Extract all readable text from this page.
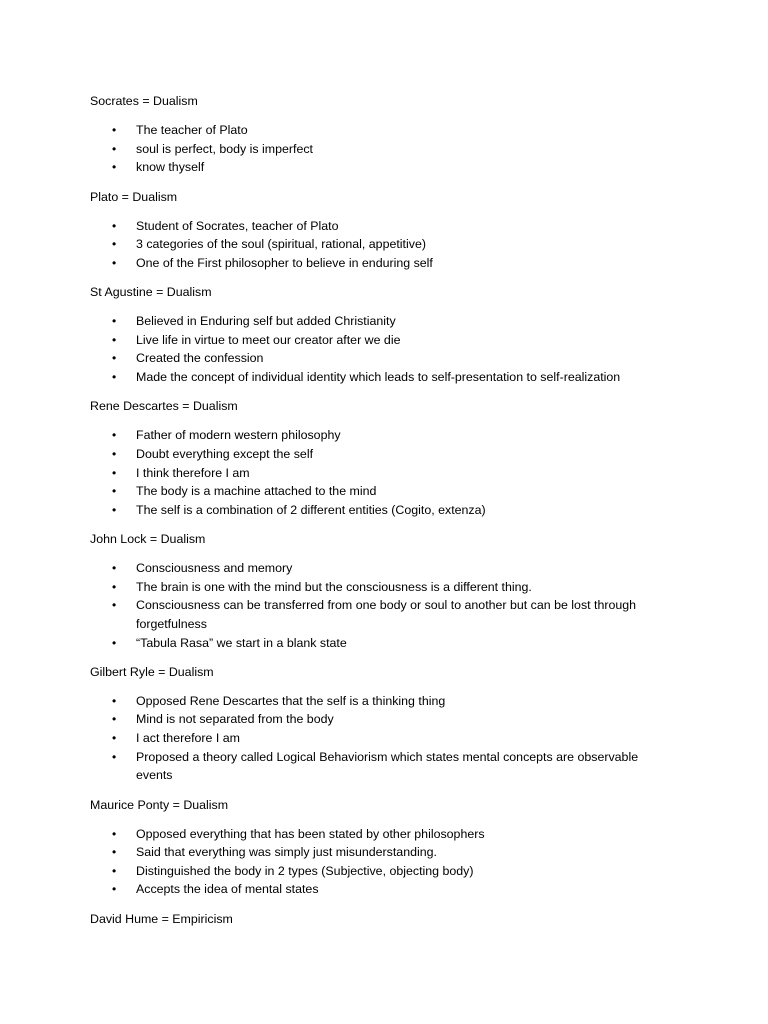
Socrates = Dualism
• The teacher of Plato
• soul is perfect, body is imperfect
• know thyself
Plato = Dualism
• Student of Socrates, teacher of Plato
• 3 categories of the soul (spiritual, rational, appetitive)
• One of the First philosopher to believe in enduring self
St Agustine = Dualism
• Believed in Enduring self but added Christianity
• Live life in virtue to meet our creator after we die
• Created the confession
• Made the concept of individual identity which leads to self-presentation to self-realization
Rene Descartes = Dualism
• Father of modern western philosophy
• Doubt everything except the self
• I think therefore I am
• The body is a machine attached to the mind
• The self is a combination of 2 different entities (Cogito, extenza)
John Lock = Dualism
• Consciousness and memory
• The brain is one with the mind but the consciousness is a different thing.
• Consciousness can be transferred from one body or soul to another but can be lost through forgetfulness
• “Tabula Rasa” we start in a blank state
Gilbert Ryle = Dualism
• Opposed Rene Descartes that the self is a thinking thing
• Mind is not separated from the body
• I act therefore I am
• Proposed a theory called Logical Behaviorism which states mental concepts are observable events
Maurice Ponty = Dualism
• Opposed everything that has been stated by other philosophers
• Said that everything was simply just misunderstanding.
• Distinguished the body in 2 types (Subjective, objecting body)
• Accepts the idea of mental states
David Hume = Empiricism
